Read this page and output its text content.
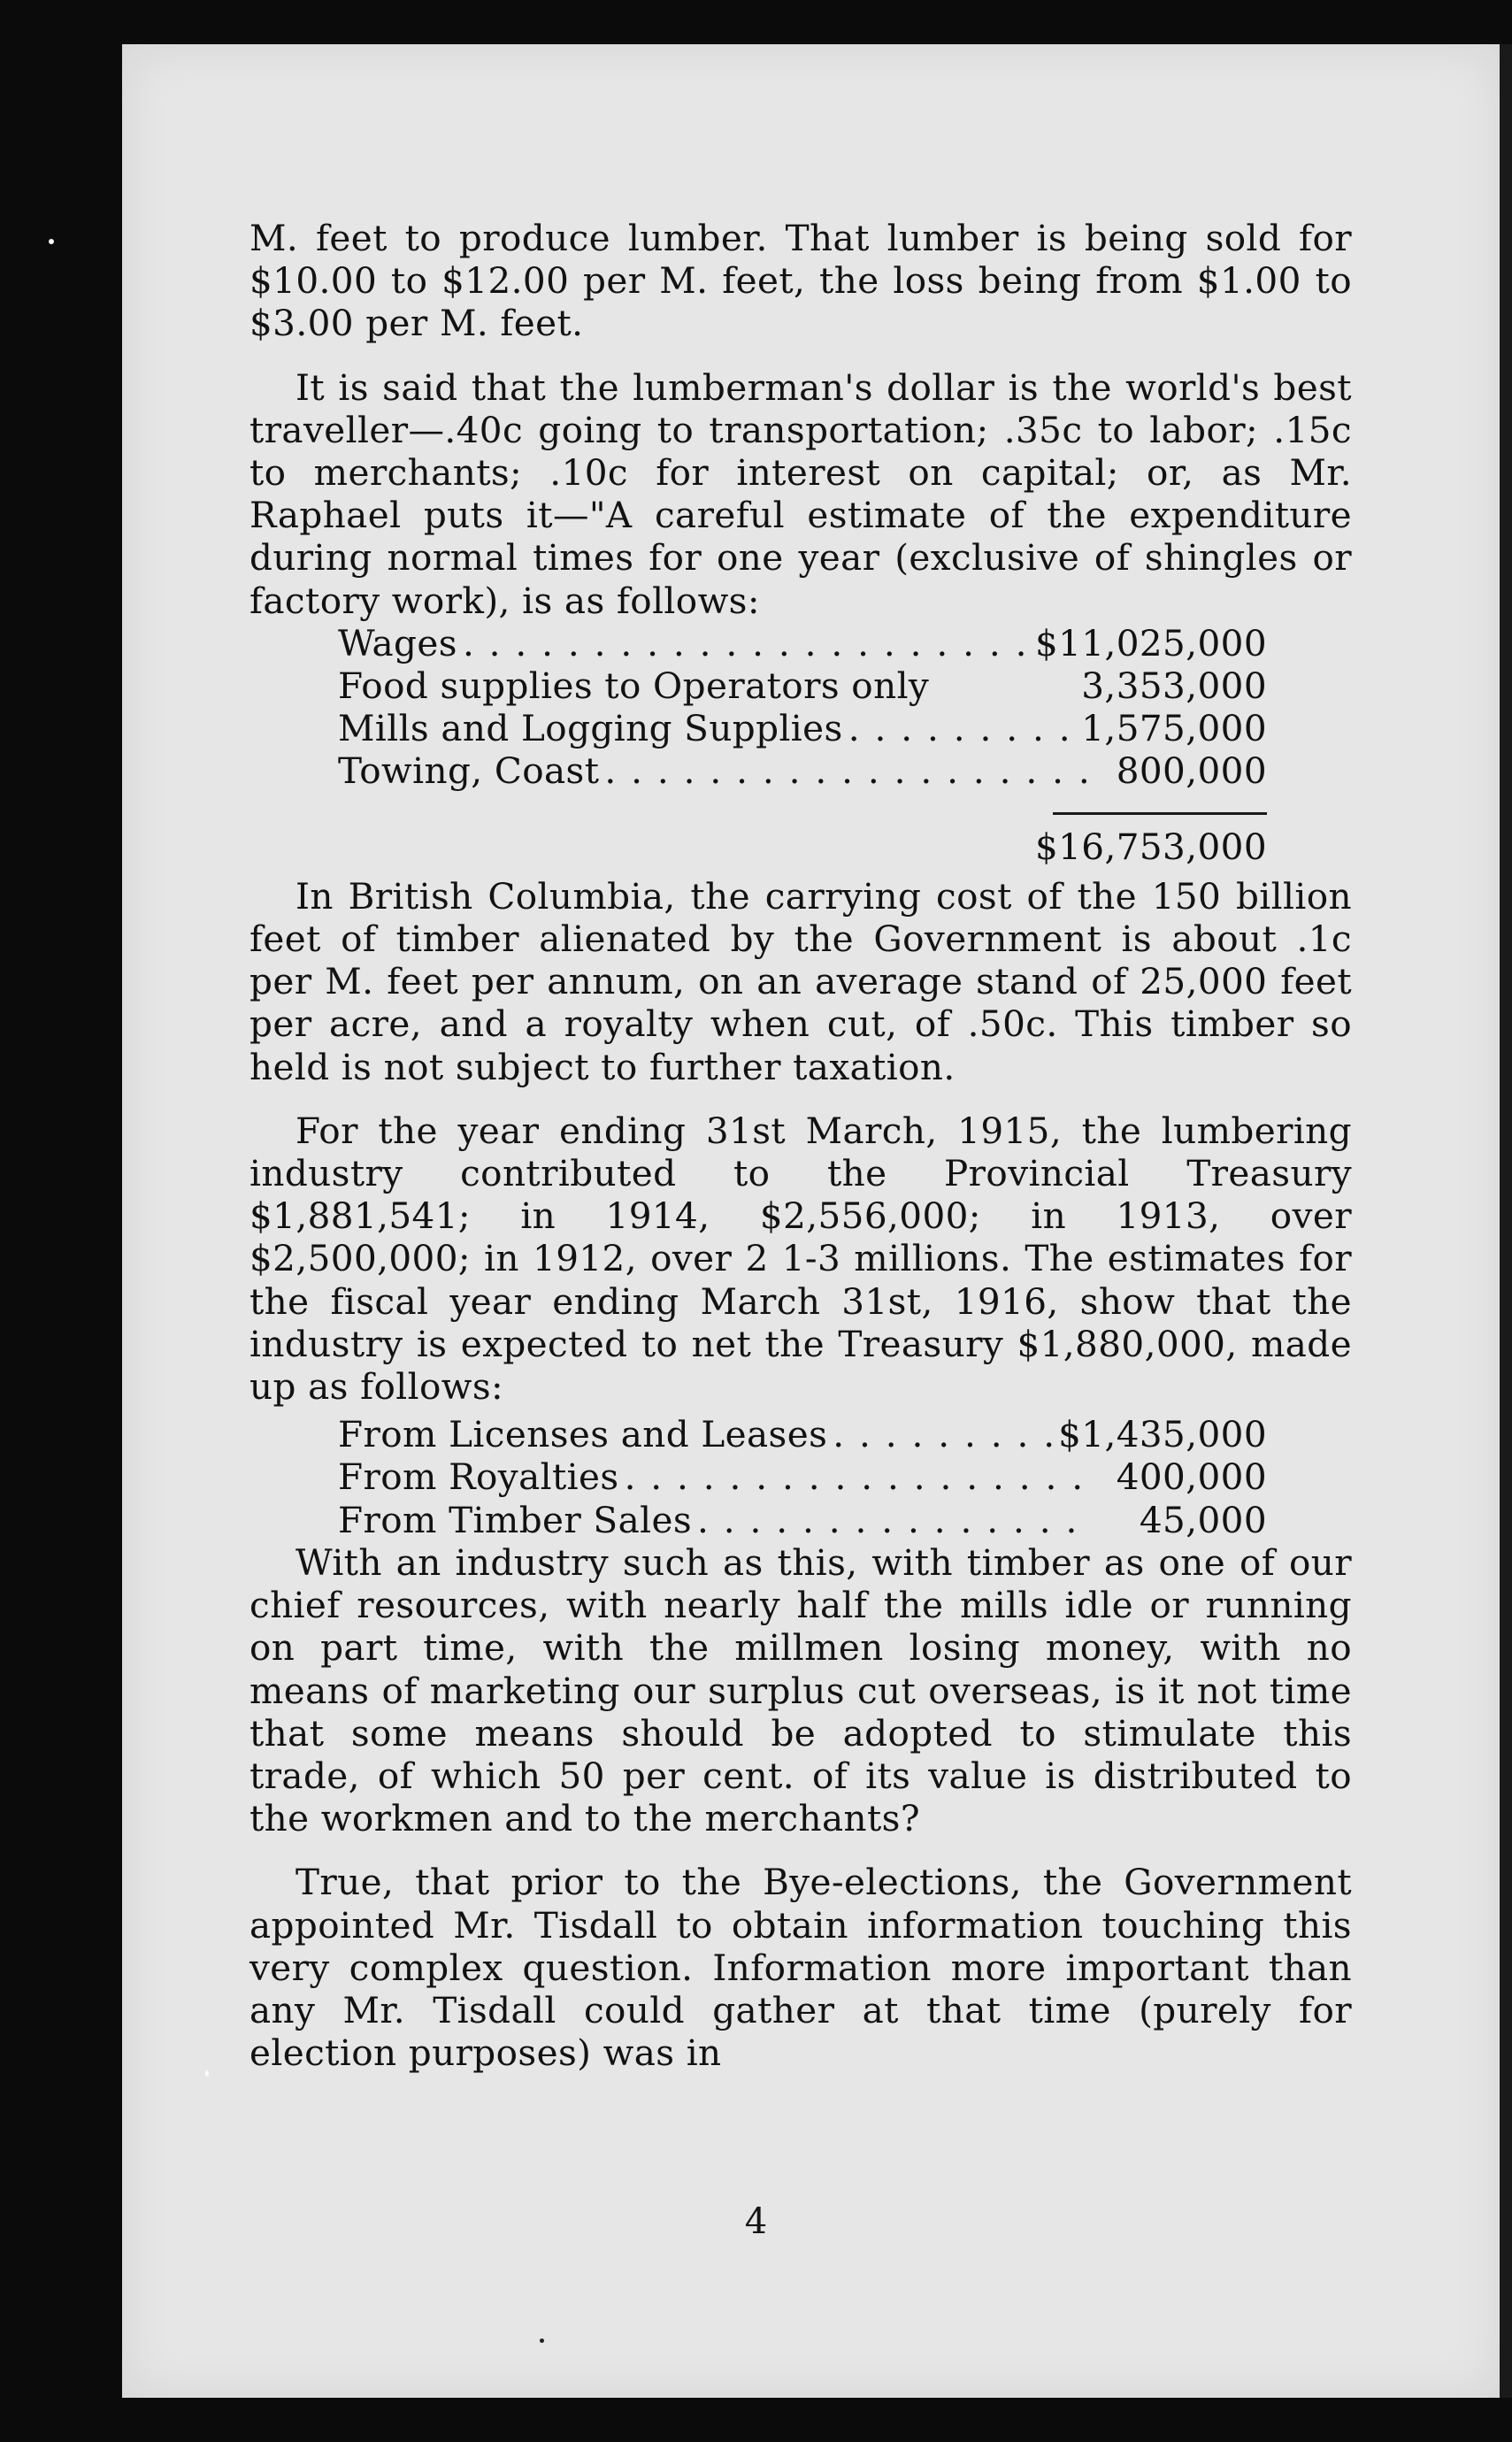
M. feet to produce lumber. That lumber is being sold for $10.00 to $12.00 per M. feet, the loss being from $1.00 to $3.00 per M. feet.

It is said that the lumberman's dollar is the world's best traveller—.40c going to transportation; .35c to labor; .15c to merchants; .10c for interest on capital; or, as Mr. Raphael puts it—"A careful estimate of the expenditure during normal times for one year (exclusive of shingles or factory work), is as follows:

Wages . . .	$11,025,000
Food supplies to Operators only	3,353,000
Mills and Logging Supplies . . .	1,575,000
Towing, Coast . . .	800,000
$16,753,000

In British Columbia, the carrying cost of the 150 billion feet of timber alienated by the Government is about .1c per M. feet per annum, on an average stand of 25,000 feet per acre, and a royalty when cut, of .50c. This timber so held is not subject to further taxation.

For the year ending 31st March, 1915, the lumbering industry contributed to the Provincial Treasury $1,881,541; in 1914, $2,556,000; in 1913, over $2,500,000; in 1912, over 2 1-3 millions. The estimates for the fiscal year ending March 31st, 1916, show that the industry is expected to net the Treasury $1,880,000, made up as follows:

From Licenses and Leases . . .	$1,435,000
From Royalties . . .	400,000
From Timber Sales . . .	45,000

With an industry such as this, with timber as one of our chief resources, with nearly half the mills idle or running on part time, with the millmen losing money, with no means of marketing our surplus cut overseas, is it not time that some means should be adopted to stimulate this trade, of which 50 per cent. of its value is distributed to the workmen and to the merchants?

True, that prior to the Bye-elections, the Government appointed Mr. Tisdall to obtain information touching this very complex question. Information more important than any Mr. Tisdall could gather at that time (purely for election purposes) was in

4
